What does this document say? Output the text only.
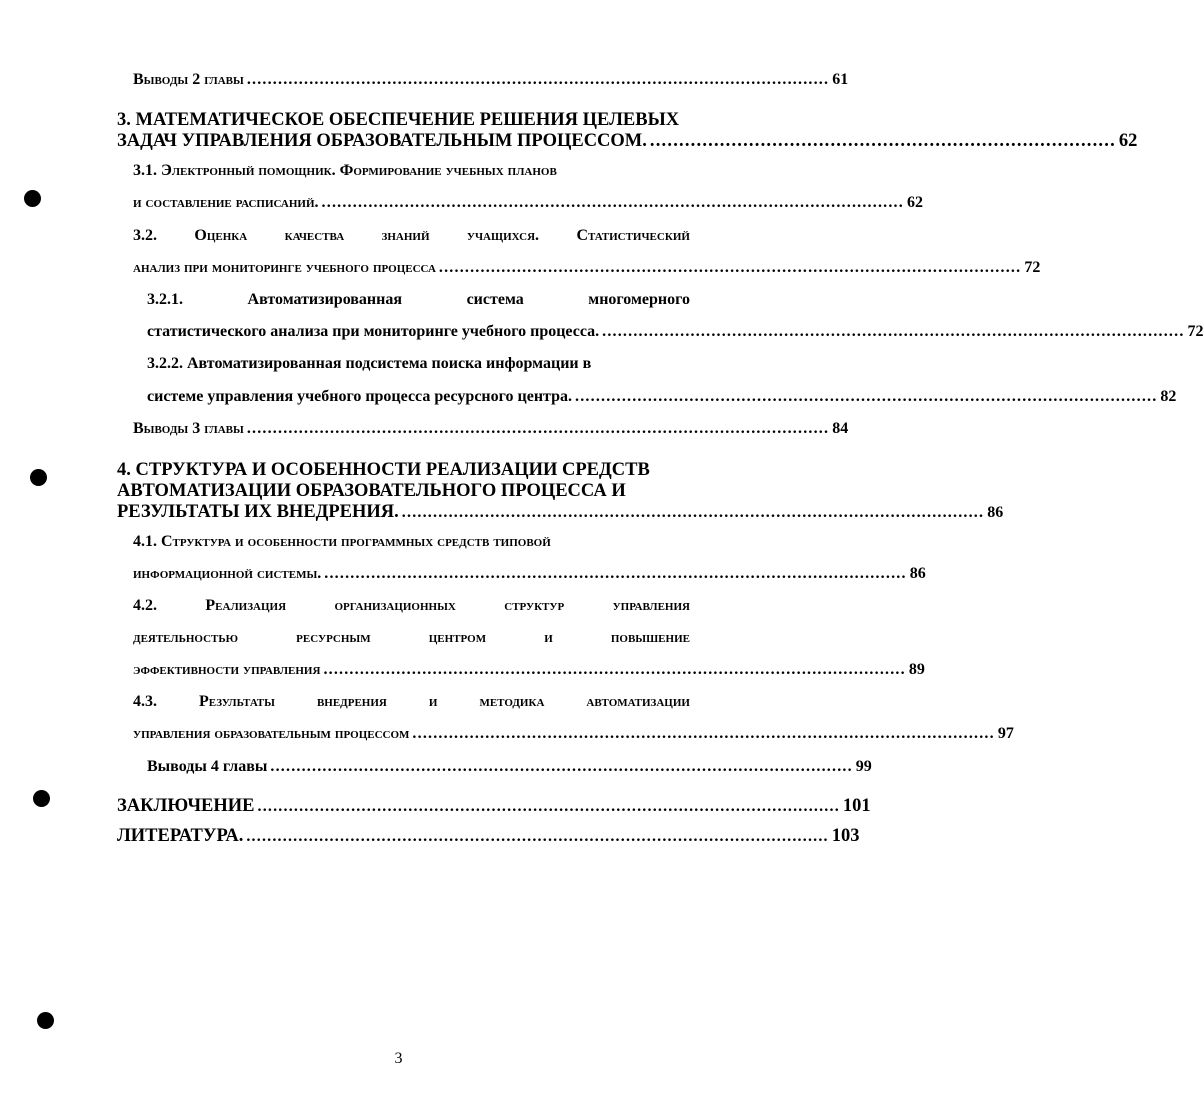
Выводы 2 главы ................................................................................................................ 61
3. МАТЕМАТИЧЕСКОЕ ОБЕСПЕЧЕНИЕ РЕШЕНИЯ ЦЕЛЕВЫХ
ЗАДАЧ УПРАВЛЕНИЯ ОБРАЗОВАТЕЛЬНЫМ ПРОЦЕССОМ. ................................................................................ 62
3.1. Электронный помощник. Формирование учебных планов
и составление расписаний. ................................................................................................................ 62
3.2. Оценка качества знаний учащихся. Статистический
анализ при мониторинге учебного процесса ................................................................................................................ 72
3.2.1.	Автоматизированная	система	многомерного
статистического анализа при мониторинге учебного процесса. ................................................................................................................ 72
3.2.2. Автоматизированная подсистема поиска информации в
системе управления учебного процесса ресурсного центра. ................................................................................................................ 82
Выводы 3 главы ................................................................................................................ 84
4. СТРУКТУРА И ОСОБЕННОСТИ РЕАЛИЗАЦИИ СРЕДСТВ
АВТОМАТИЗАЦИИ ОБРАЗОВАТЕЛЬНОГО ПРОЦЕССА И
РЕЗУЛЬТАТЫ ИХ ВНЕДРЕНИЯ. ................................................................................................................ 86
4.1. Структура и особенности программных средств типовой
информационной системы. ................................................................................................................ 86
4.2.	Реализация	организационных	структур	управления
деятельностью	ресурсным	центром	и	повышение
эффективности управления ................................................................................................................ 89
4.3.	Результаты	внедрения	и	методика	автоматизации
управления образовательным процессом ................................................................................................................ 97
Выводы 4 главы ................................................................................................................ 99
ЗАКЛЮЧЕНИЕ ................................................................................................................ 101
ЛИТЕРАТУРА. ................................................................................................................ 103
3
